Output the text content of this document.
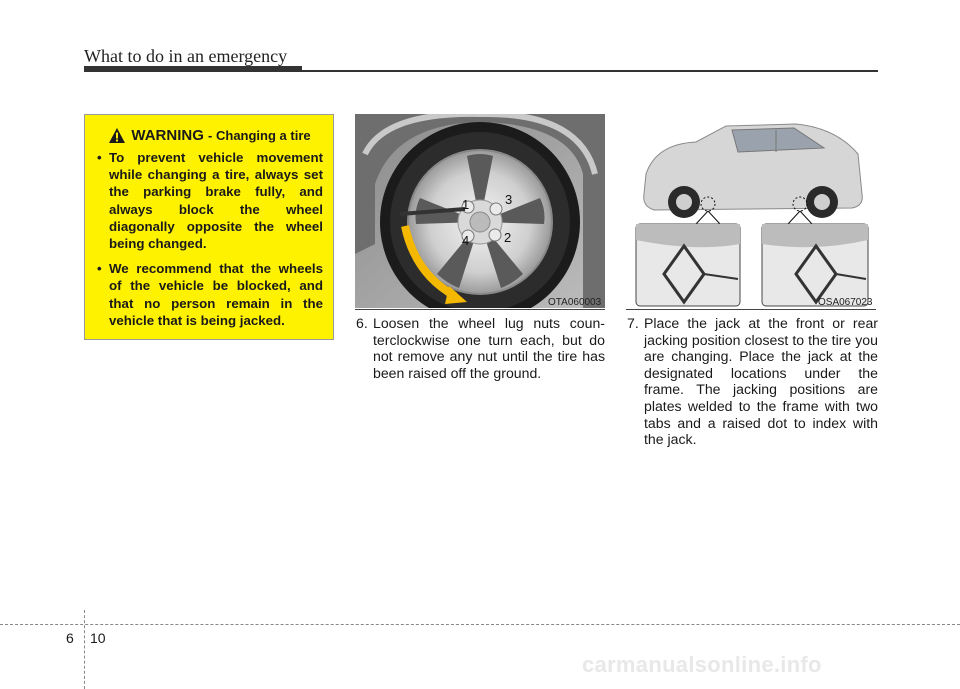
What to do in an emergency
WARNING - Changing a tire
• To prevent vehicle movement while changing a tire, always set the parking brake fully, and always block the wheel diagonally opposite the wheel being changed.
• We recommend that the wheels of the vehicle be blocked, and that no person remain in the vehicle that is being jacked.
1	3
4	2
OTA060003	OSA067023
6. Loosen the wheel lug nuts coun-terclockwise one turn each, but do not remove any nut until the tire has been raised off the ground.
7. Place the jack at the front or rear jacking position closest to the tire you are changing. Place the jack at the designated locations under the frame. The jacking positions are plates welded to the frame with two tabs and a raised dot to index with the jack.
6 10
carmanualsonline.info
